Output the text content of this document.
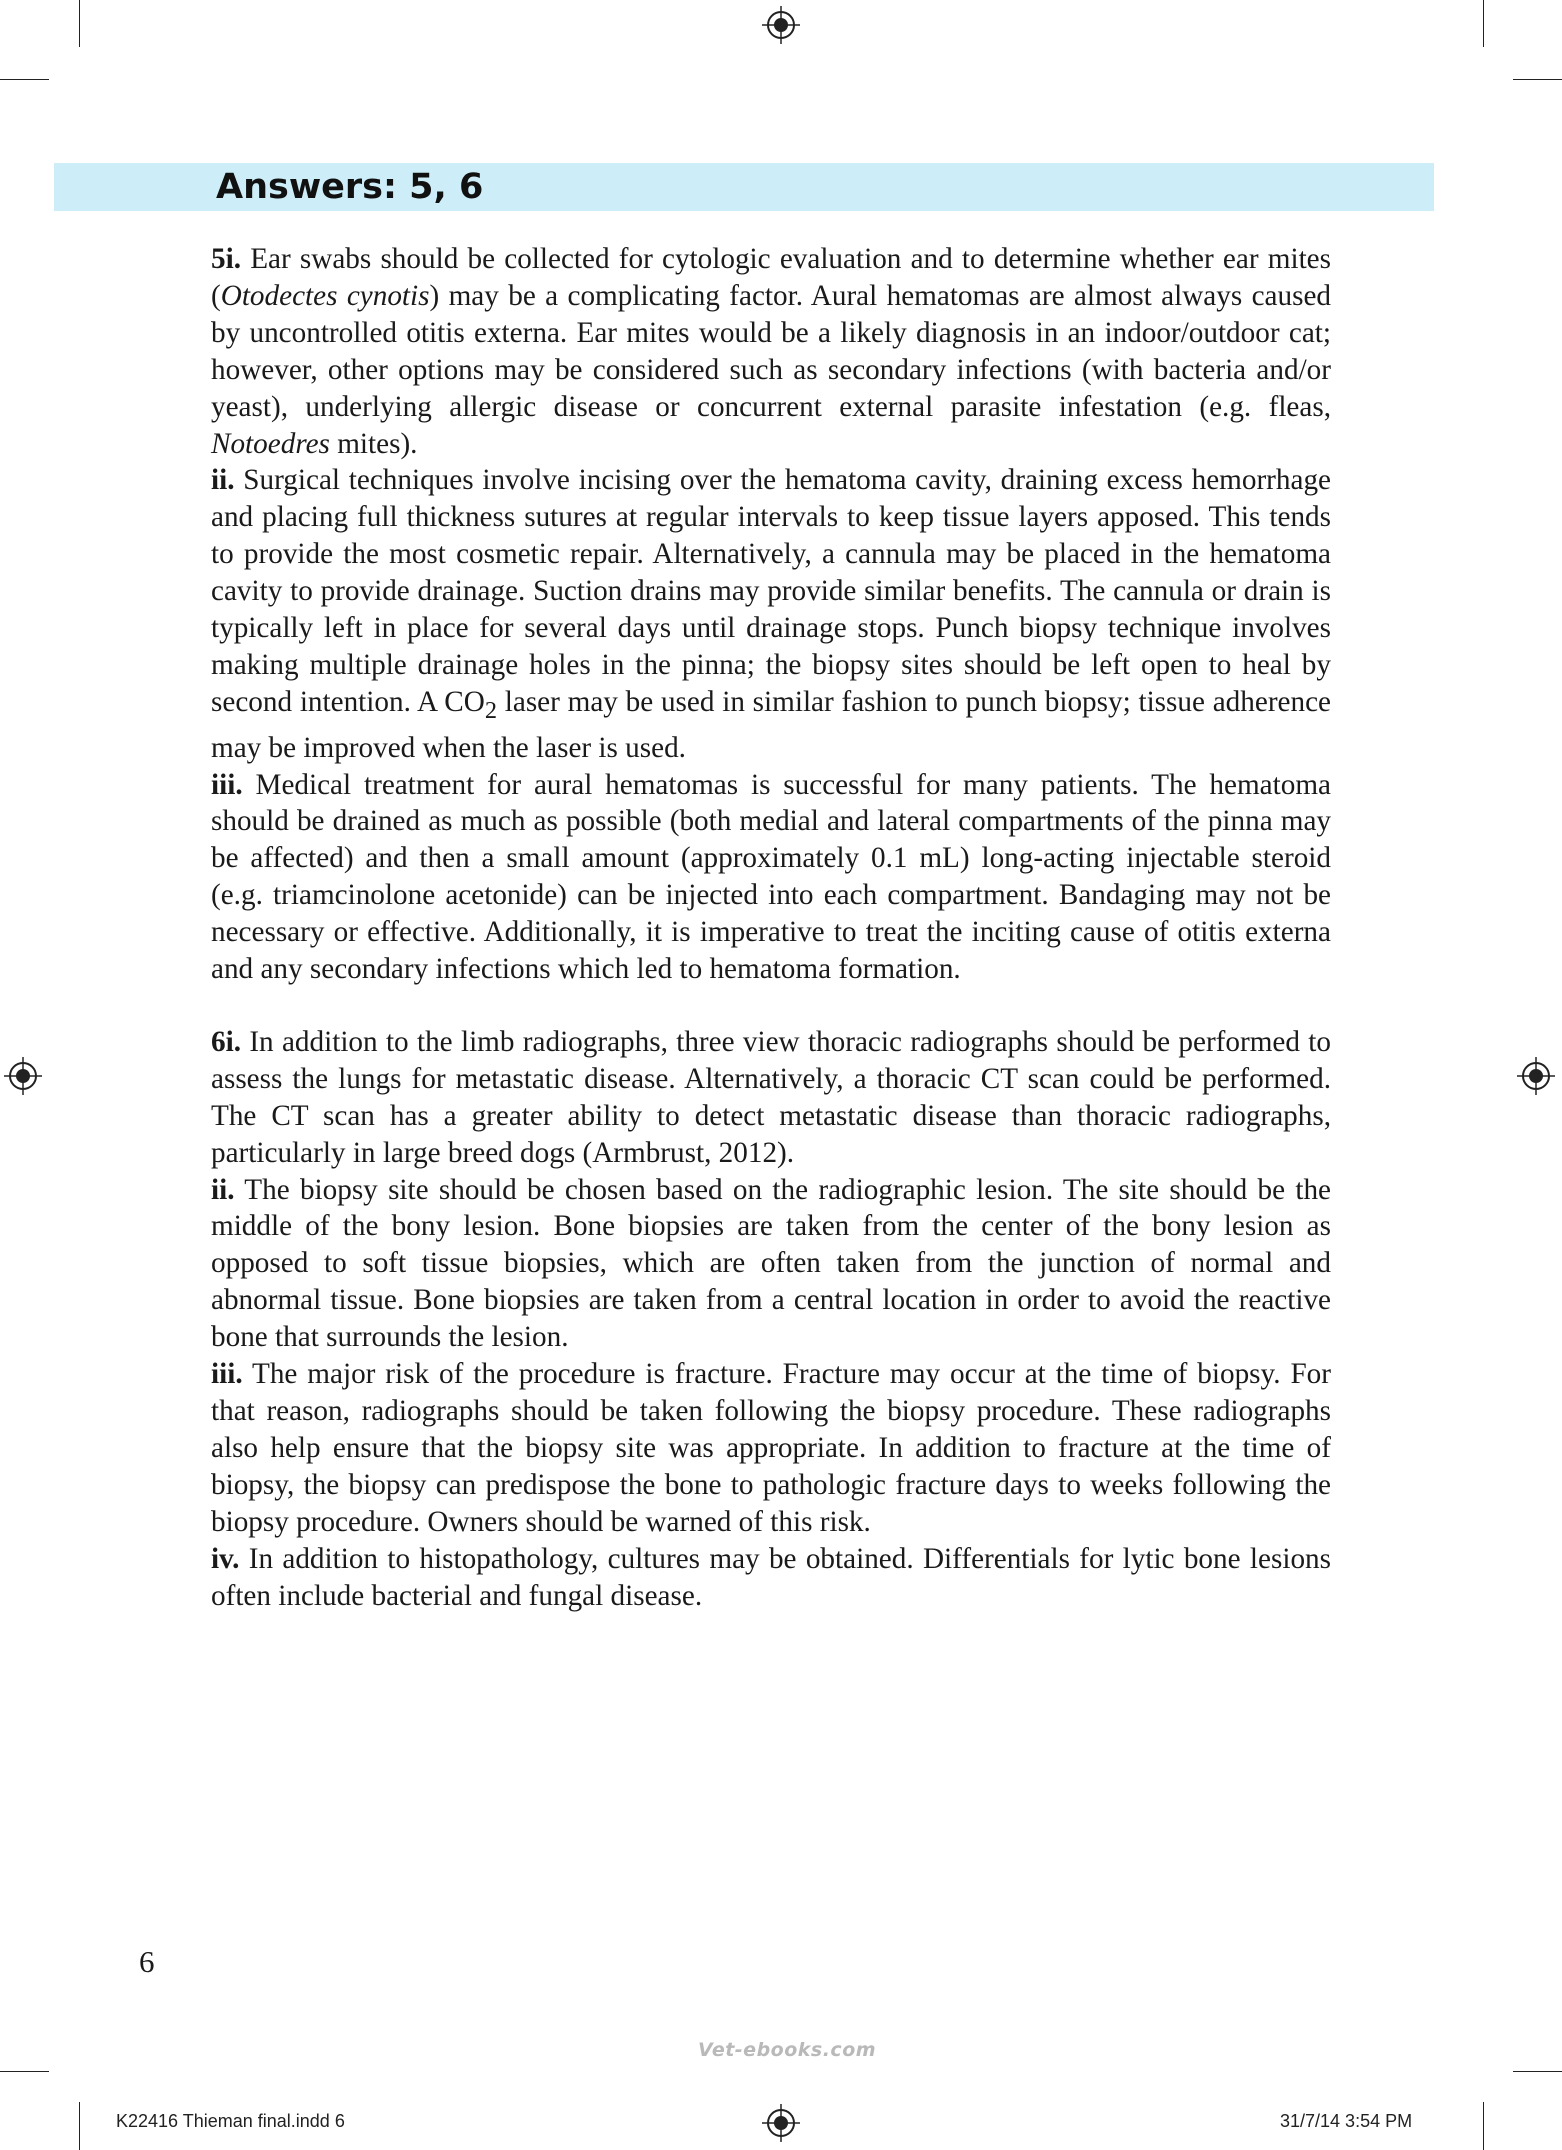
Answers: 5, 6

5i. Ear swabs should be collected for cytologic evaluation and to determine whether ear mites (Otodectes cynotis) may be a complicating factor. Aural hematomas are almost always caused by uncontrolled otitis externa. Ear mites would be a likely diagnosis in an indoor/outdoor cat; however, other options may be considered such as secondary infections (with bacteria and/or yeast), underlying allergic disease or concurrent external parasite infestation (e.g. fleas, Notoedres mites).

ii. Surgical techniques involve incising over the hematoma cavity, draining excess hemorrhage and placing full thickness sutures at regular intervals to keep tissue layers apposed. This tends to provide the most cosmetic repair. Alternatively, a cannula may be placed in the hematoma cavity to provide drainage. Suction drains may provide similar benefits. The cannula or drain is typically left in place for several days until drainage stops. Punch biopsy technique involves making multiple drainage holes in the pinna; the biopsy sites should be left open to heal by second intention. A $CO_2$ laser may be used in similar fashion to punch biopsy; tissue adherence may be improved when the laser is used.

iii. Medical treatment for aural hematomas is successful for many patients. The hematoma should be drained as much as possible (both medial and lateral compartments of the pinna may be affected) and then a small amount (approximately 0.1 mL) long-acting injectable steroid (e.g. triamcinolone acetonide) can be injected into each compartment. Bandaging may not be necessary or effective. Additionally, it is imperative to treat the inciting cause of otitis externa and any secondary infections which led to hematoma formation.

6i. In addition to the limb radiographs, three view thoracic radiographs should be performed to assess the lungs for metastatic disease. Alternatively, a thoracic CT scan could be performed. The CT scan has a greater ability to detect metastatic disease than thoracic radiographs, particularly in large breed dogs (Armbrust, 2012).

ii. The biopsy site should be chosen based on the radiographic lesion. The site should be the middle of the bony lesion. Bone biopsies are taken from the center of the bony lesion as opposed to soft tissue biopsies, which are often taken from the junction of normal and abnormal tissue. Bone biopsies are taken from a central location in order to avoid the reactive bone that surrounds the lesion.

iii. The major risk of the procedure is fracture. Fracture may occur at the time of biopsy. For that reason, radiographs should be taken following the biopsy procedure. These radiographs also help ensure that the biopsy site was appropriate. In addition to fracture at the time of biopsy, the biopsy can predispose the bone to pathologic fracture days to weeks following the biopsy procedure. Owners should be warned of this risk.

iv. In addition to histopathology, cultures may be obtained. Differentials for lytic bone lesions often include bacterial and fungal disease.

6
Vet-ebooks.com
K22416 Thieman final.indd 6	31/7/14 3:54 PM
